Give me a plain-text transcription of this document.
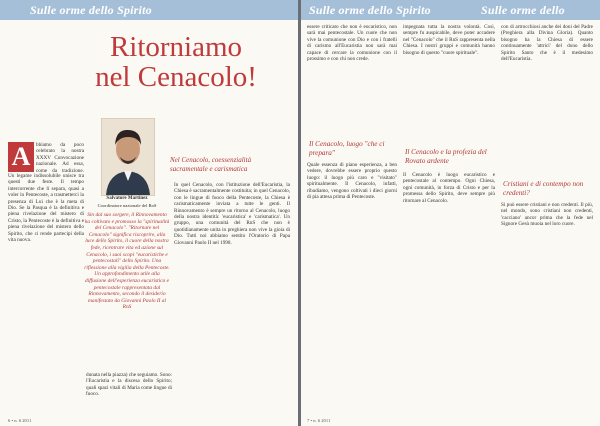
Sulle orme dello Spirito
Ritorniamo
nel Cenacolo!
A	bbiamo da poco celebrato la nostra XXXV Convocazione nazionale. Ad essa, come da tradizione,

Un legame indissolubile unisce tra questi due feste. Il tempo intercorrente che li separa, quasi a voler in Pentecoste, a trasmetterci la presenza di Lui che è la meta di Dio. Se la Pasqua è la definitiva e piena rivelazione del mistero di Cristo, la Pentecoste è la definitiva e piena rivelazione del mistero dello Spirito, che ci rende partecipi della vita nuova.

Salvatore Martinez
Coordinatore nazionale del RnS
Sin dal suo sorgere, il Rinnovamento ha coltivato e promosso la "spiritualità del Cenacolo". "Ritornare nel Cenacolo" significa riscoprire, alla luce dello Spirito, il cuore della nostra fede, ricentrare vita ed azione sul Cenacolo, i suoi scopi "eucaristiche e pentecostali" dello Spirito. Una riflessione alla vigilia della Pentecoste. Un approfondimento utile alla diffusione dell'esperienza eucaristica e pentecostale rappresentata dal Rinnovamento, secondo il desiderio manifestato da Giovanni Paolo II al RnS

dunata nella piazza) che seguiamo. Sono: l'Eucaristia e la discesa dello Spirito; quali spazi vitali di Maria come lingue di fuoco.

Nel Cenacolo, coessenzialità sacramentale e carismatica

In quel Cenacolo, con l'istituzione dell'Eucaristia, la Chiesa è sacramentalmente costituita; in quel Cenacolo, con le lingue di fuoco della Pentecoste, la Chiesa è carismaticamente inviata a tutte le genti. Il Rinnovamento è sempre un ritorno al Cenacolo, luogo della nostra identità: 'eucaristica' e 'carismatica'. Un gruppo, una comunità del RnS che non è quotidianamente unita in preghiera non vive la gioia di Dio. Tutti noi abbiamo sentito l'Oratorio di Papa Giovanni Paolo II nel 1998.

6 • n. 6 2011
Sulle orme dello Spirito	Sulle orme dello Spirito

essere criticato che non è eucaristico, non sarà mai pentecostale. Un cuore che non vive la comunione con Dio e con i fratelli di carismo all'Eucaristia non sarà mai capace di cercare la comunione con il prossimo e con chi non crede.

Il Cenacolo, luogo "che ci prepara"

Quale essenza di piano esperienza, a ben vedere, dovrebbe essere proprio questo luogo: il luogo più caro e "visitato" spiritualmente. Il Cenacolo, infatti, ribadiamo, vengono coltivati i dieci giorni di pia attesa prima di Pentecoste.

impegnata tutta la nostra volontà. Così, sempre fu auspicabile, deve poter accadere nel "Cenacolo" che il RnS rappresenta nella Chiesa. I nostri gruppi e comunità hanno bisogno di questo "cuore spirituale".

Il Cenacolo e la profezia del Rovato ardente

Il Cenacolo è luogo eucaristico e pentecostale al contempo. Ogni Chiesa, ogni comunità, in forza di Cristo e per la promessa dello Spirito, deve sempre più ritornare al Cenacolo.

con di artrocchiosi anche dei doni del Padre (Preghiera alla Divina Gloria). Quanto bisogno ha la Chiesa di essere continuamente 'attrici' del dono dello Spirito Santo che è il medesimo dell'Eucaristia.

Cristiani e di contempo non credenti?

Si può essere cristiani e non credenti. Il più, nel mondo, sono cristiani non credenti, 'cacciano' ancor prima che la fede nel Signore Gesù muoia nel loro cuore.

7 • n. 6 2011
